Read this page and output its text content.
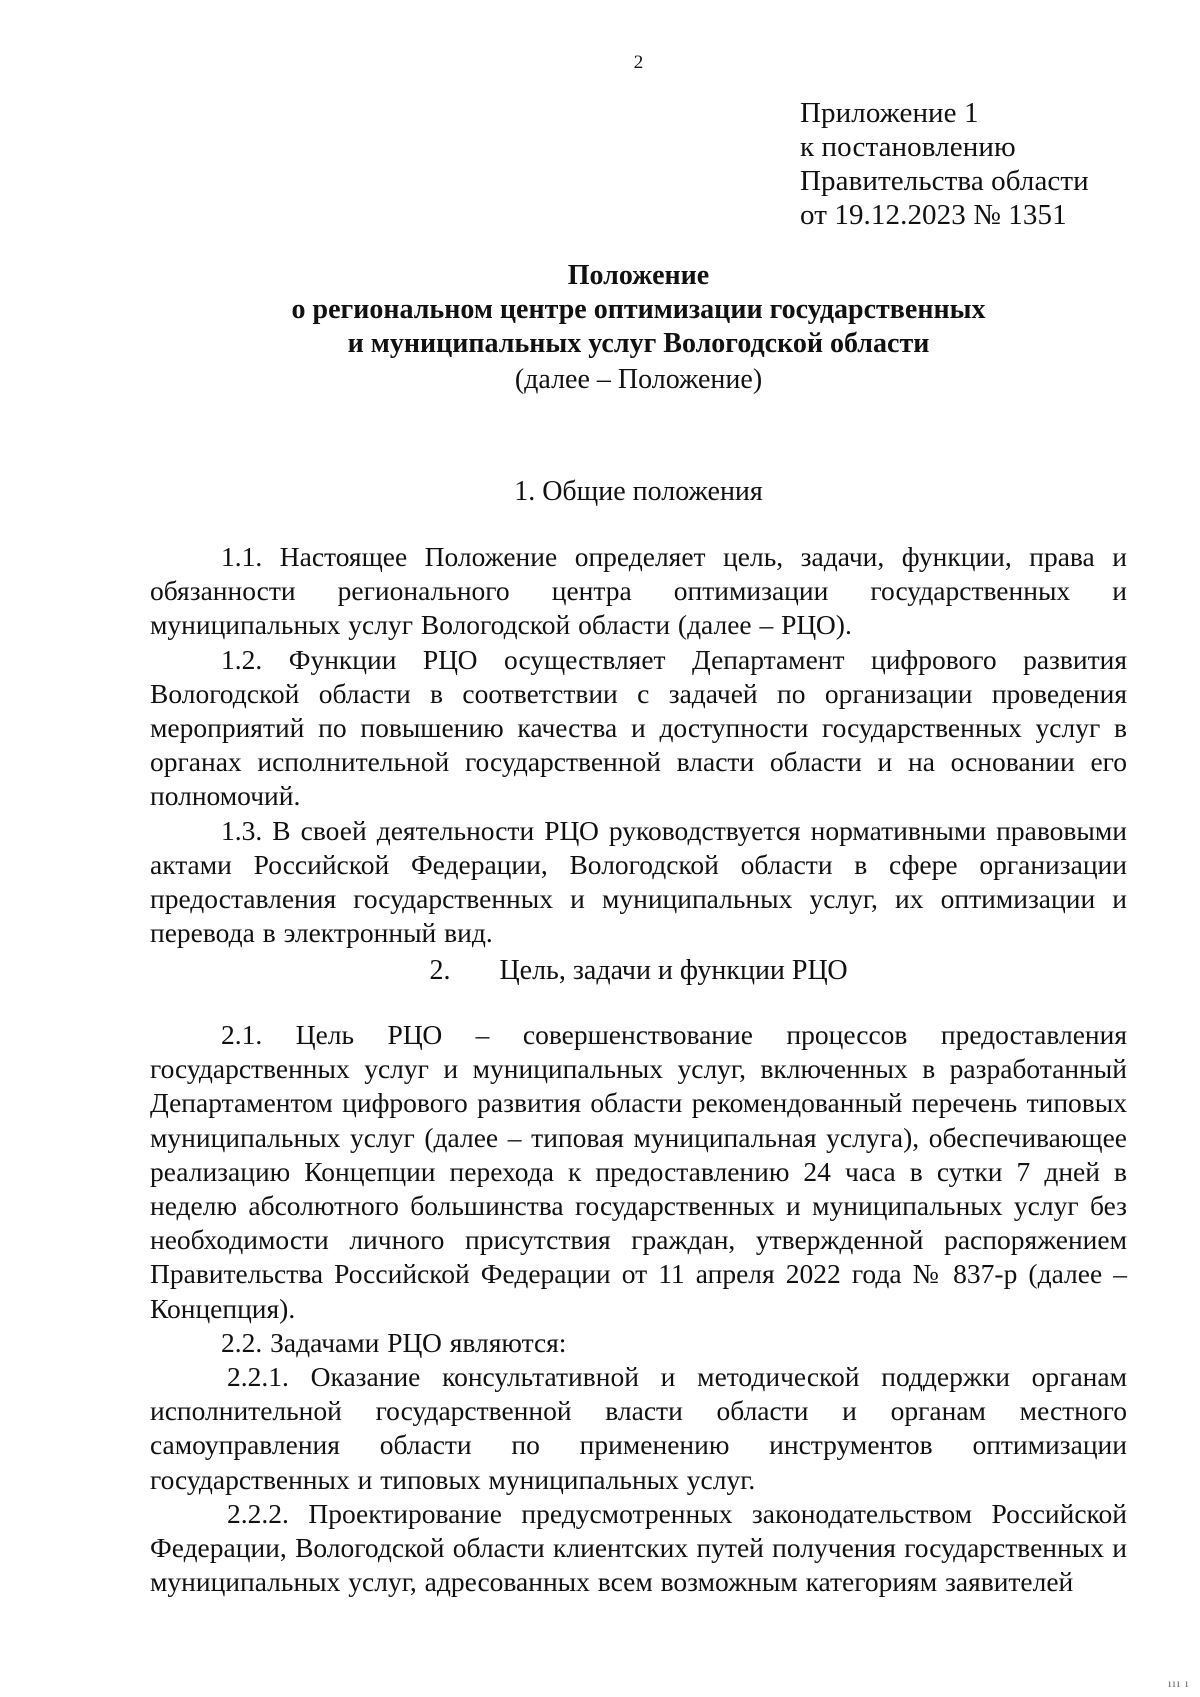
2
Приложение 1
к постановлению
Правительства области
от 19.12.2023 № 1351
Положение
о региональном центре оптимизации государственных
и муниципальных услуг Вологодской области
(далее – Положение)
1. Общие положения

1.1. Настоящее Положение определяет цель, задачи, функции, права и обязанности регионального центра оптимизации государственных и муниципальных услуг Вологодской области (далее – РЦО).

1.2. Функции РЦО осуществляет Департамент цифрового развития Вологодской области в соответствии с задачей по организации проведения мероприятий по повышению качества и доступности государственных услуг в органах исполнительной государственной власти области и на основании его полномочий.

1.3. В своей деятельности РЦО руководствуется нормативными правовыми актами Российской Федерации, Вологодской области в сфере организации предоставления государственных и муниципальных услуг, их оптимизации и перевода в электронный вид.

2. Цель, задачи и функции РЦО

2.1. Цель РЦО – совершенствование процессов предоставления государственных услуг и муниципальных услуг, включенных в разработанный Департаментом цифрового развития области рекомендованный перечень типовых муниципальных услуг (далее – типовая муниципальная услуга), обеспечивающее реализацию Концепции перехода к предоставлению 24 часа в сутки 7 дней в неделю абсолютного большинства государственных и муниципальных услуг без необходимости личного присутствия граждан, утвержденной распоряжением Правительства Российской Федерации от 11 апреля 2022 года № 837-р (далее – Концепция).

2.2. Задачами РЦО являются:

2.2.1. Оказание консультативной и методической поддержки органам исполнительной государственной власти области и органам местного самоуправления области по применению инструментов оптимизации государственных и типовых муниципальных услуг.

2.2.2. Проектирование предусмотренных законодательством Российской Федерации, Вологодской области клиентских путей получения государственных и муниципальных услуг, адресованных всем возможным категориям заявителей

ııı ı
